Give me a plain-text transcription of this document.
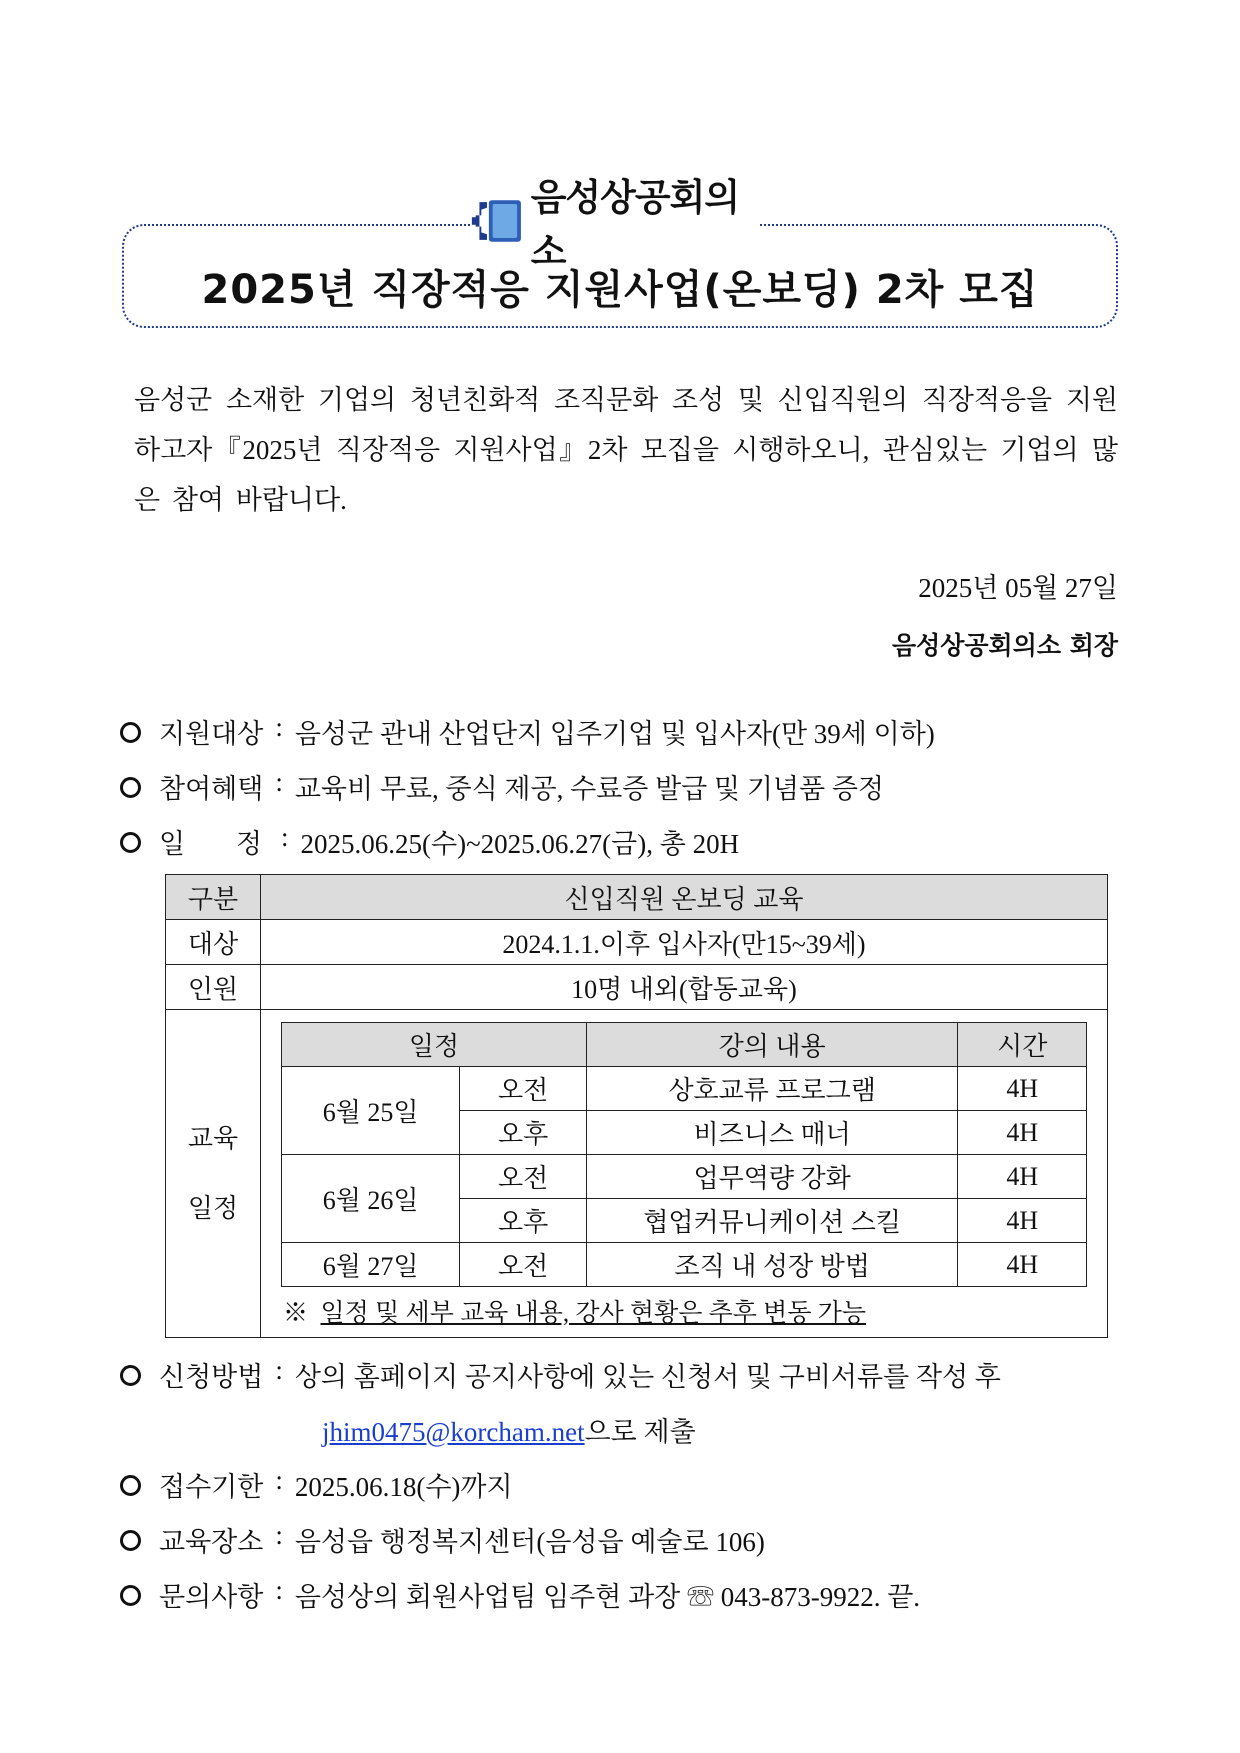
음성상공회의소
2025년 직장적응 지원사업(온보딩) 2차 모집
음성군 소재한 기업의 청년친화적 조직문화 조성 및 신입직원의 직장적응을 지원하고자『2025년 직장적응 지원사업』2차 모집을 시행하오니, 관심있는 기업의 많은 참여 바랍니다.
2025년 05월 27일
음성상공회의소 회장
지원대상 : 음성군 관내 산업단지 입주기업 및 입사자(만 39세 이하)
참여혜택 : 교육비 무료, 중식 제공, 수료증 발급 및 기념품 증정
일 정 : 2025.06.25(수)~2025.06.27(금), 총 20H
구분	신입직원 온보딩 교육
대상	2024.1.1.이후 입사자(만15~39세)
인원	10명 내외(합동교육)

교육
일정

일정	강의 내용	시간
6월 25일	오전	상호교류 프로그램	4H
오후	비즈니스 매너	4H
6월 26일	오전	업무역량 강화	4H
오후	협업커뮤니케이션 스킬	4H
6월 27일	오전	조직 내 성장 방법	4H
※ 일정 및 세부 교육 내용, 강사 현황은 추후 변동 가능
신청방법 : 상의 홈페이지 공지사항에 있는 신청서 및 구비서류를 작성 후
jhim0475@korcham.net으로 제출
접수기한 : 2025.06.18(수)까지
교육장소 : 음성읍 행정복지센터(음성읍 예술로 106)
문의사항 : 음성상의 회원사업팀 임주현 과장 ☏ 043-873-9922. 끝.
